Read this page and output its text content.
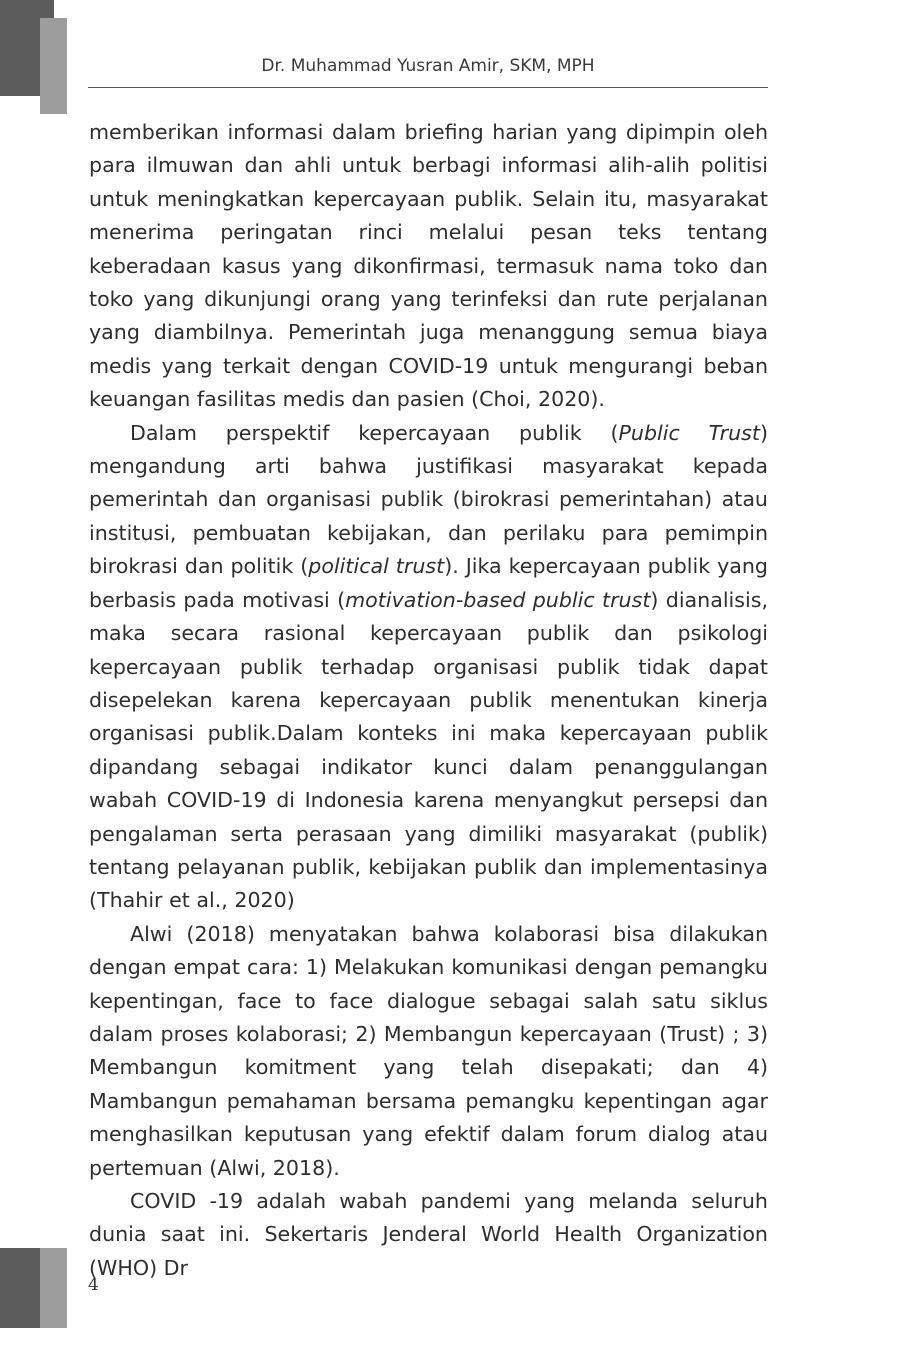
Dr. Muhammad Yusran Amir, SKM, MPH

memberikan informasi dalam briefing harian yang dipimpin oleh para ilmuwan dan ahli untuk berbagi informasi alih-alih politisi untuk meningkatkan kepercayaan publik. Selain itu, masyarakat menerima peringatan rinci melalui pesan teks tentang keberadaan kasus yang dikonfirmasi, termasuk nama toko dan toko yang dikunjungi orang yang terinfeksi dan rute perjalanan yang diambilnya. Pemerintah juga menanggung semua biaya medis yang terkait dengan COVID-19 untuk mengurangi beban keuangan fasilitas medis dan pasien (Choi, 2020).

Dalam perspektif kepercayaan publik (Public Trust) mengandung arti bahwa justifikasi masyarakat kepada pemerintah dan organisasi publik (birokrasi pemerintahan) atau institusi, pembuatan kebijakan, dan perilaku para pemimpin birokrasi dan politik (political trust). Jika kepercayaan publik yang berbasis pada motivasi (motivation-based public trust) dianalisis, maka secara rasional kepercayaan publik dan psikologi kepercayaan publik terhadap organisasi publik tidak dapat disepelekan karena kepercayaan publik menentukan kinerja organisasi publik.Dalam konteks ini maka kepercayaan publik dipandang sebagai indikator kunci dalam penanggulangan wabah COVID-19 di Indonesia karena menyangkut persepsi dan pengalaman serta perasaan yang dimiliki masyarakat (publik) tentang pelayanan publik, kebijakan publik dan implementasinya (Thahir et al., 2020)

Alwi (2018) menyatakan bahwa kolaborasi bisa dilakukan dengan empat cara: 1) Melakukan komunikasi dengan pemangku kepentingan, face to face dialogue sebagai salah satu siklus dalam proses kolaborasi; 2) Membangun kepercayaan (Trust) ; 3) Membangun komitment yang telah disepakati; dan 4) Mambangun pemahaman bersama pemangku kepentingan agar menghasilkan keputusan yang efektif dalam forum dialog atau pertemuan (Alwi, 2018).

COVID -19 adalah wabah pandemi yang melanda seluruh dunia saat ini. Sekertaris Jenderal World Health Organization (WHO) Dr

4
